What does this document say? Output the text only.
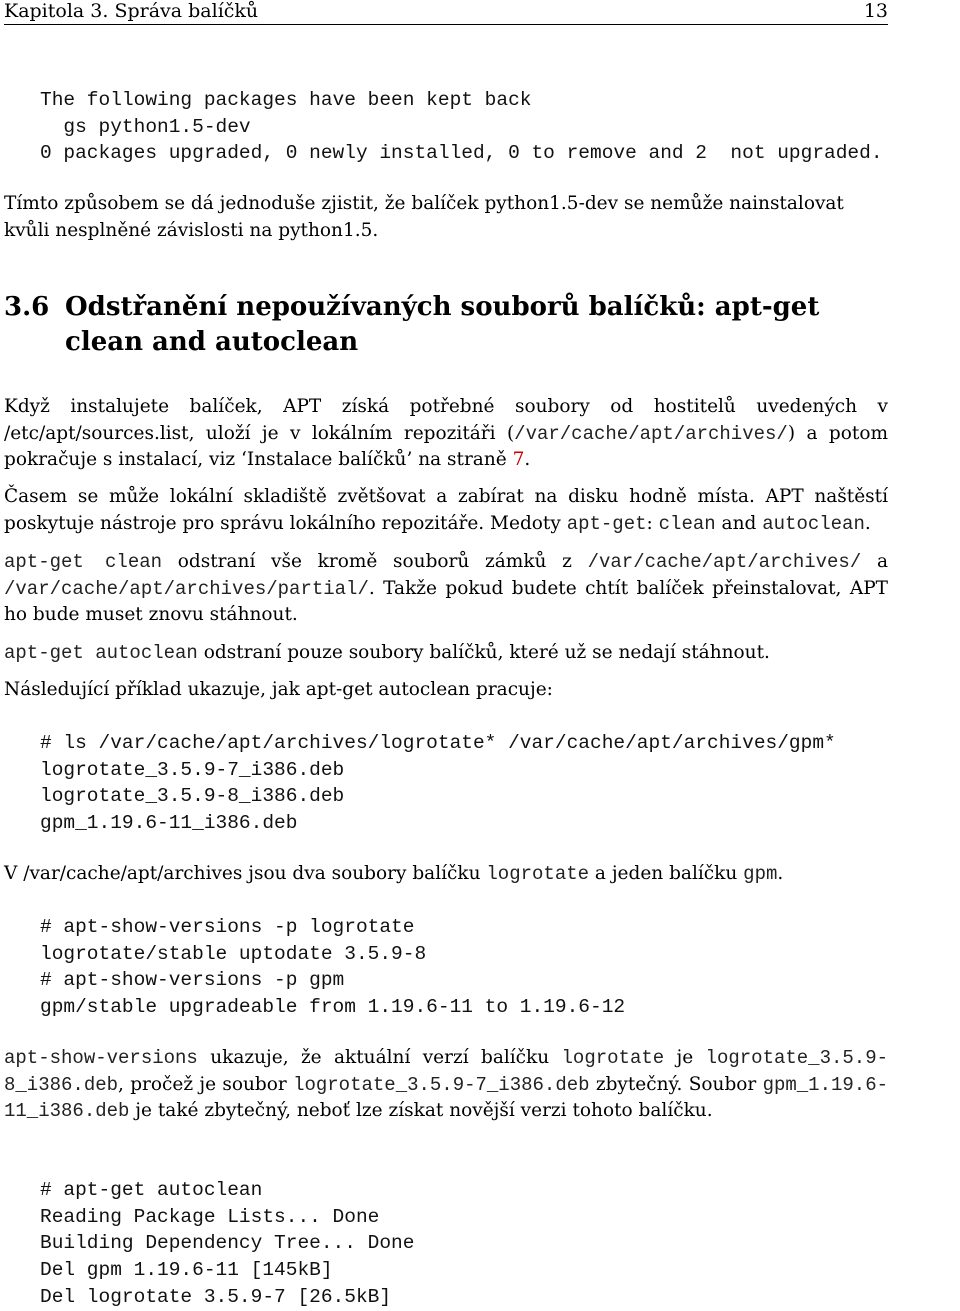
Kapitola 3. Správa balíčků	13
The following packages have been kept back
gs python1.5-dev
0 packages upgraded, 0 newly installed, 0 to remove and 2  not upgraded.

Tímto způsobem se dá jednoduše zjistit, že balíček python1.5-dev se nemůže nainstalovat kvůli nesplněné závislosti na python1.5.

3.6 Odstřanění nepoužívaných souborů balíčků: apt-get clean and autoclean

Když instalujete balíček, APT získá potřebné soubory od hostitelů uvedených v /etc/apt/sources.list, uloží je v lokálním repozitáři (/var/cache/apt/archives/) a potom pokračuje s instalací, viz ‘Instalace balíčků’ na straně 7.

Časem se může lokální skladiště zvětšovat a zabírat na disku hodně místa. APT naštěstí poskytuje nástroje pro správu lokálního repozitáře. Medoty apt-get: clean and autoclean.

apt-get clean odstraní vše kromě souborů zámků z /var/cache/apt/archives/ a /var/cache/apt/archives/partial/. Takže pokud budete chtít balíček přeinstalovat, APT ho bude muset znovu stáhnout.

apt-get autoclean odstraní pouze soubory balíčků, které už se nedají stáhnout.

Následující příklad ukazuje, jak apt-get autoclean pracuje:

# ls /var/cache/apt/archives/logrotate* /var/cache/apt/archives/gpm*
logrotate_3.5.9-7_i386.deb
logrotate_3.5.9-8_i386.deb
gpm_1.19.6-11_i386.deb

V /var/cache/apt/archives jsou dva soubory balíčku logrotate a jeden balíčku gpm.

# apt-show-versions -p logrotate
logrotate/stable uptodate 3.5.9-8
# apt-show-versions -p gpm
gpm/stable upgradeable from 1.19.6-11 to 1.19.6-12

apt-show-versions ukazuje, že aktuální verzí balíčku logrotate je logrotate_3.5.9-8_i386.deb, pročež je soubor logrotate_3.5.9-7_i386.deb zbytečný. Soubor gpm_1.19.6-11_i386.deb je také zbytečný, neboť lze získat novější verzi tohoto balíčku.

# apt-get autoclean
Reading Package Lists... Done
Building Dependency Tree... Done
Del gpm 1.19.6-11 [145kB]
Del logrotate 3.5.9-7 [26.5kB]
